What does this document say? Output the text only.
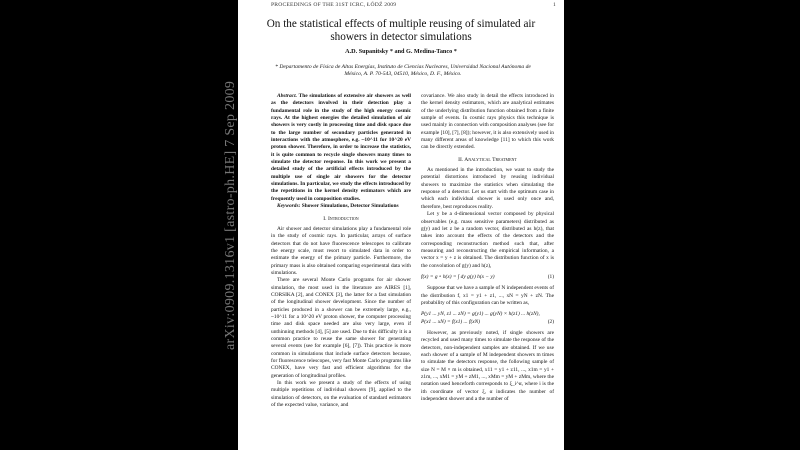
arXiv:0909.1316v1 [astro-ph.HE] 7 Sep 2009
PROCEEDINGS OF THE 31ST ICRC, ŁÓDŹ 2009	1
On the statistical effects of multiple reusing of simulated air showers in detector simulations
A.D. Supanitsky * and G. Medina-Tanco *
* Departamento de Física de Altas Energías, Instituto de Ciencias Nucleares, Universidad Nacional Autónoma de México, A. P. 70-543, 04510, México, D. F., México.

Abstract. The simulations of extensive air showers as well as the detectors involved in their detection play a fundamental role in the study of the high energy cosmic rays. At the highest energies the detailed simulation of air showers is very costly in processing time and disk space due to the large number of secondary particles generated in interactions with the atmosphere, e.g. ~10^11 for 10^20 eV proton shower. Therefore, in order to increase the statistics, it is quite common to recycle single showers many times to simulate the detector response. In this work we present a detailed study of the artificial effects introduced by the multiple use of single air showers for the detector simulations. In particular, we study the effects introduced by the repetitions in the kernel density estimators which are frequently used in composition studies.

Keywords: Shower Simulations, Detector Simulations

I. Introduction

Air shower and detector simulations play a fundamental role in the study of cosmic rays. In particular, arrays of surface detectors that do not have fluorescence telescopes to calibrate the energy scale, must resort to simulated data in order to estimate the energy of the primary particle. Furthermore, the primary mass is also obtained comparing experimental data with simulations.

There are several Monte Carlo programs for air shower simulation, the most used in the literature are AIRES [1], CORSIKA [2], and CONEX [3], the latter for a fast simulation of the longitudinal shower development. Since the number of particles produced in a shower can be extremely large, e.g., ~10^11 for a 10^20 eV proton shower, the computer processing time and disk space needed are also very large, even if unthinning methods [4], [5] are used. Due to this difficulty it is a common practice to reuse the same shower for generating several events (see for example [6], [7]). This practice is more common in simulations that include surface detectors because, for fluorescence telescopes, very fast Monte Carlo programs like CONEX, have very fast and efficient algorithms for the generation of longitudinal profiles.

In this work we present a study of the effects of using multiple repetitions of individual showers [9], applied to the simulation of detectors, on the evaluation of standard estimators of the expected value, variance, and

covariance. We also study in detail the effects introduced in the kernel density estimators, which are analytical estimates of the underlying distribution function obtained from a finite sample of events. In cosmic rays physics this technique is used mainly in connection with composition analyses (see for example [10], [7], [8]); however, it is also extensively used in many different areas of knowledge [11] to which this work can be directly extended.

II. Analytical Treatment

As mentioned in the introduction, we want to study the potential distortions introduced by reusing individual showers to maximize the statistics when simulating the response of a detector. Let us start with the optimum case in which each individual shower is used only once and, therefore, best reproduces reality.

Let y be a d-dimensional vector composed by physical observables (e.g. mass sensitive parameters) distributed as g(y) and let z be a random vector, distributed as h(z), that takes into account the effects of the detectors and the corresponding reconstruction method such that, after measuring and reconstructing the empirical information, a vector x = y + z is obtained. The distribution function of x is the convolution of g(y) and h(z),

f(x) = g ∘ h(x) = ∫ dy g(y) h(x − y)	(1)

Suppose that we have a sample of N independent events of the distribution f, x1 = y1 + z1, ..., xN = yN + zN. The probability of this configuration can be written as,

P(y1 ... yN, z1 ... zN) = g(y1) ... g(yN) × h(z1) ... h(zN),
P(x1 ... xN) = f(x1) ... f(xN)	(2)

However, as previously noted, if single showers are recycled and used many times to simulate the response of the detectors, non-independent samples are obtained. If we use each shower of a sample of M independent showers m times to simulate the detectors response, the following sample of size N = M × m is obtained, x11 = y1 + z11, ..., x1m = y1 + z1m, ..., xM1 = yM + zM1, ..., xMm = yM + zMm, where the notation used henceforth corresponds to ξ_i^α, where i is the ith coordinate of vector ξ, α indicates the number of independent shower and a the number of
